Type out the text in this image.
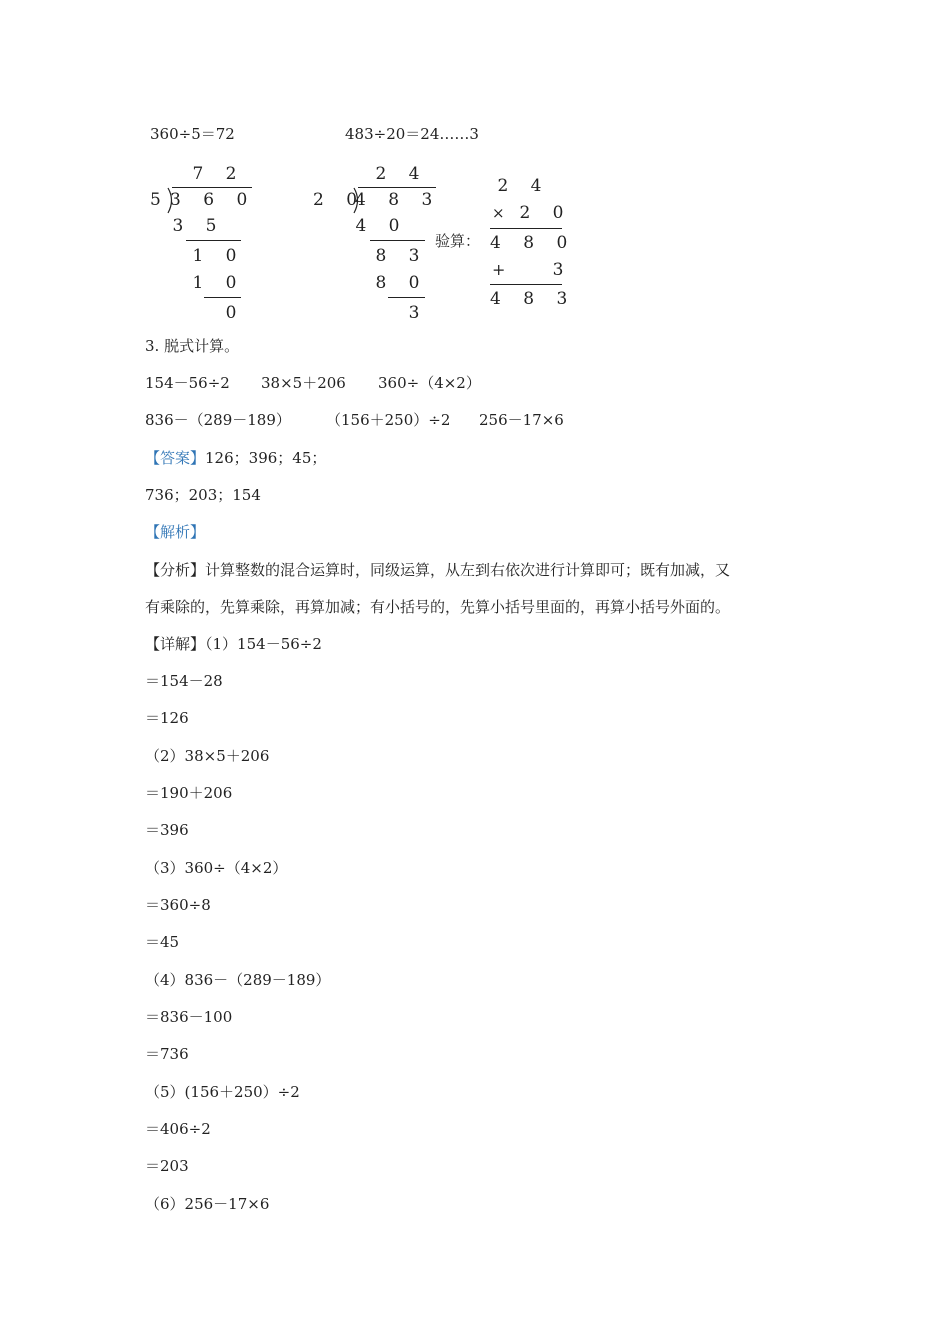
360÷5＝72	483÷20＝24……3
5
7 2
3 6 0
3 5
1 0
1 0
0
2 0
2 4
4 8 3
4 0
8 3
8 0
3
验算：
2 4
× 2 0
4 8 0
+	3
4 8 3
3. 脱式计算。
154－56÷2 38×5＋206 360÷（4×2）
836－（289－189） （156＋250）÷2 256－17×6
【答案】126；396；45；
736；203；154
【解析】
【分析】计算整数的混合运算时，同级运算，从左到右依次进行计算即可；既有加减，又
有乘除的，先算乘除，再算加减；有小括号的，先算小括号里面的，再算小括号外面的。
【详解】（1）154－56÷2
＝154－28
＝126
（2）38×5＋206
＝190＋206
＝396
（3）360÷（4×2）
＝360÷8
＝45
（4）836－（289－189）
＝836－100
＝736
（5）(156＋250）÷2
＝406÷2
＝203
（6）256－17×6
